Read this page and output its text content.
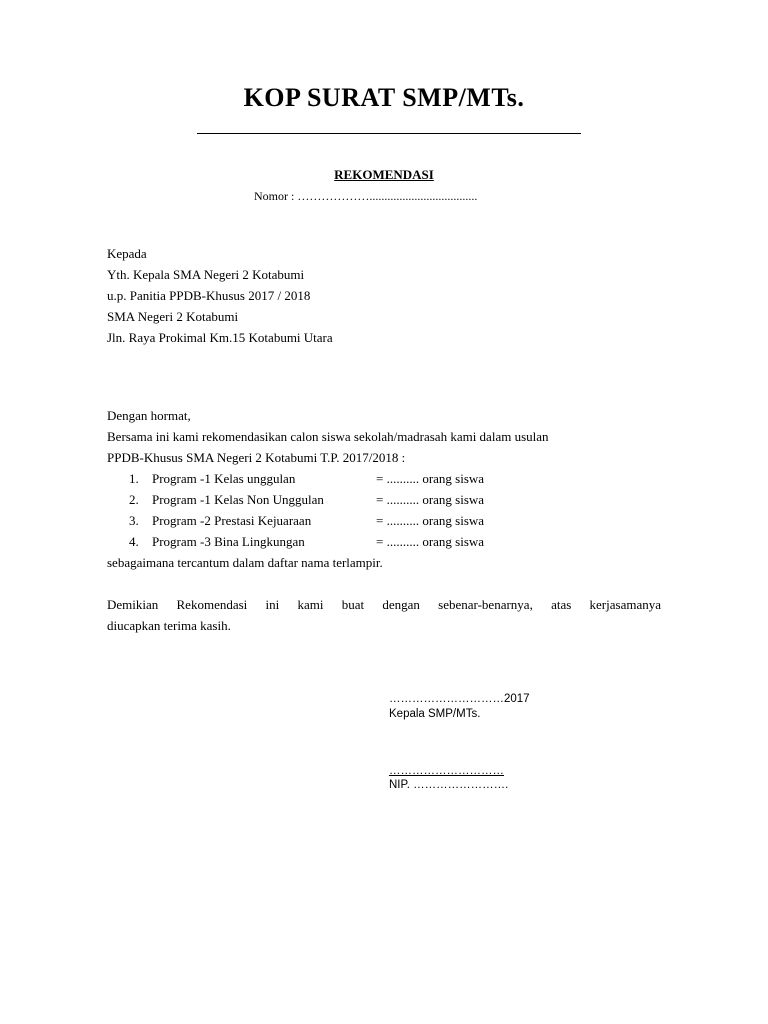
KOP SURAT SMP/MTs.
REKOMENDASI
Nomor : ………………....................................
Kepada
Yth. Kepala SMA Negeri 2 Kotabumi
u.p. Panitia PPDB-Khusus 2017 / 2018
SMA Negeri 2 Kotabumi
Jln. Raya Prokimal Km.15 Kotabumi Utara
Dengan hormat,
Bersama ini kami rekomendasikan calon siswa sekolah/madrasah kami dalam usulan
PPDB-Khusus SMA Negeri 2 Kotabumi T.P. 2017/2018 :
1. Program -1 Kelas unggulan	= .......... orang siswa
2. Program -1 Kelas Non Unggulan	= .......... orang siswa
3. Program -2 Prestasi Kejuaraan	= .......... orang siswa
4. Program -3 Bina Lingkungan	= .......... orang siswa
sebagaimana tercantum dalam daftar nama terlampir.
Demikian Rekomendasi ini kami buat dengan sebenar-benarnya, atas kerjasamanya
diucapkan terima kasih.
…………………………2017
Kepala SMP/MTs.
…………………………
NIP. …………………….
